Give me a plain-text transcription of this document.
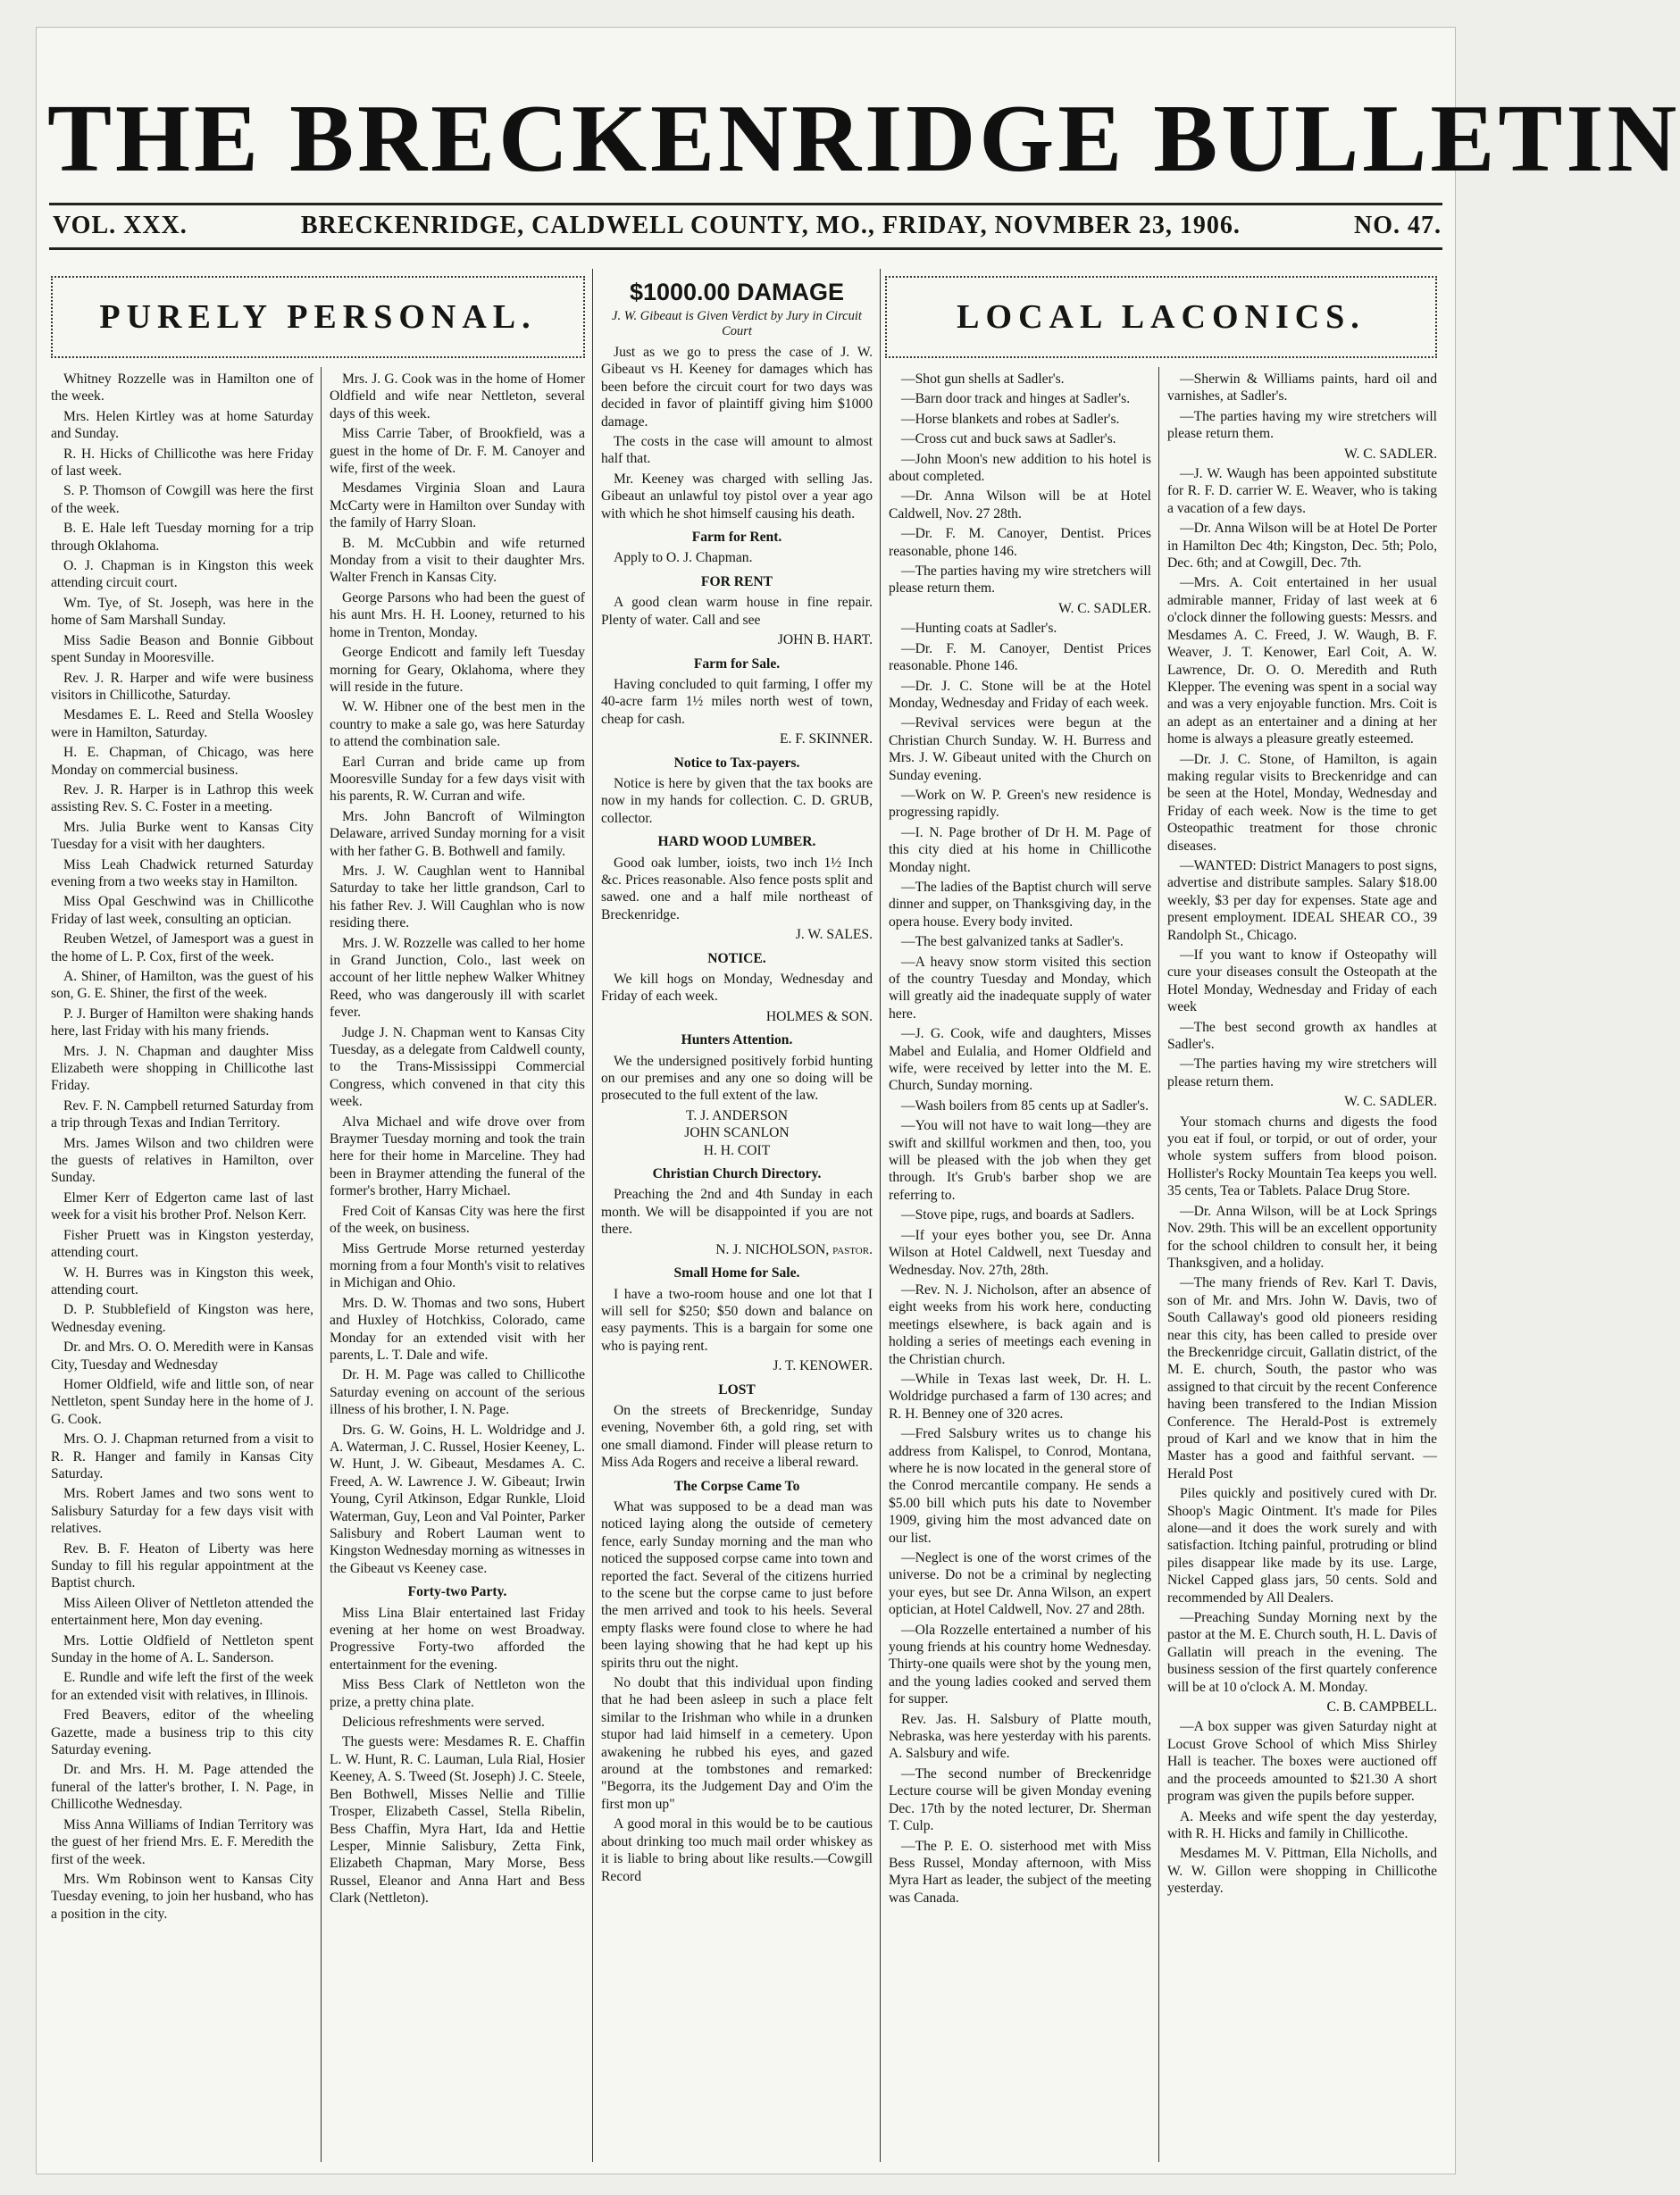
THE BRECKENRIDGE BULLETIN
VOL. XXX.	BRECKENRIDGE, CALDWELL COUNTY, MO., FRIDAY, NOVMBER 23, 1906.	NO. 47.
PURELY PERSONAL.	LOCAL LACONICS.

Whitney Rozzelle was in Hamilton one of the week.

Mrs. Helen Kirtley was at home Saturday and Sunday.

R. H. Hicks of Chillicothe was here Friday of last week.

S. P. Thomson of Cowgill was here the first of the week.

B. E. Hale left Tuesday morning for a trip through Oklahoma.

O. J. Chapman is in Kingston this week attending circuit court.

Wm. Tye, of St. Joseph, was here in the home of Sam Marshall Sunday.

Miss Sadie Beason and Bonnie Gibbout spent Sunday in Mooresville.

Rev. J. R. Harper and wife were business visitors in Chillicothe, Saturday.

Mesdames E. L. Reed and Stella Woosley were in Hamilton, Saturday.

H. E. Chapman, of Chicago, was here Monday on commercial business.

Rev. J. R. Harper is in Lathrop this week assisting Rev. S. C. Foster in a meeting.

Mrs. Julia Burke went to Kansas City Tuesday for a visit with her daughters.

Miss Leah Chadwick returned Saturday evening from a two weeks stay in Hamilton.

Miss Opal Geschwind was in Chillicothe Friday of last week, consulting an optician.

Reuben Wetzel, of Jamesport was a guest in the home of L. P. Cox, first of the week.

A. Shiner, of Hamilton, was the guest of his son, G. E. Shiner, the first of the week.

P. J. Burger of Hamilton were shaking hands here, last Friday with his many friends.

Mrs. J. N. Chapman and daughter Miss Elizabeth were shopping in Chillicothe last Friday.

Rev. F. N. Campbell returned Saturday from a trip through Texas and Indian Territory.

Mrs. James Wilson and two children were the guests of relatives in Hamilton, over Sunday.

Elmer Kerr of Edgerton came last of last week for a visit his brother Prof. Nelson Kerr.

Fisher Pruett was in Kingston yesterday, attending court.

W. H. Burres was in Kingston this week, attending court.

D. P. Stubblefield of Kingston was here, Wednesday evening.

Dr. and Mrs. O. O. Meredith were in Kansas City, Tuesday and Wednesday

Homer Oldfield, wife and little son, of near Nettleton, spent Sunday here in the home of J. G. Cook.

Mrs. O. J. Chapman returned from a visit to R. R. Hanger and family in Kansas City Saturday.

Mrs. Robert James and two sons went to Salisbury Saturday for a few days visit with relatives.

Rev. B. F. Heaton of Liberty was here Sunday to fill his regular appointment at the Baptist church.

Miss Aileen Oliver of Nettleton attended the entertainment here, Mon day evening.

Mrs. Lottie Oldfield of Nettleton spent Sunday in the home of A. L. Sanderson.

E. Rundle and wife left the first of the week for an extended visit with relatives, in Illinois.

Fred Beavers, editor of the wheeling Gazette, made a business trip to this city Saturday evening.

Dr. and Mrs. H. M. Page attended the funeral of the latter's brother, I. N. Page, in Chillicothe Wednesday.

Miss Anna Williams of Indian Territory was the guest of her friend Mrs. E. F. Meredith the first of the week.

Mrs. Wm Robinson went to Kansas City Tuesday evening, to join her husband, who has a position in the city.

Mrs. J. G. Cook was in the home of Homer Oldfield and wife near Nettleton, several days of this week.

Miss Carrie Taber, of Brookfield, was a guest in the home of Dr. F. M. Canoyer and wife, first of the week.

Mesdames Virginia Sloan and Laura McCarty were in Hamilton over Sunday with the family of Harry Sloan.

B. M. McCubbin and wife returned Monday from a visit to their daughter Mrs. Walter French in Kansas City.

George Parsons who had been the guest of his aunt Mrs. H. H. Looney, returned to his home in Trenton, Monday.

George Endicott and family left Tuesday morning for Geary, Oklahoma, where they will reside in the future.

W. W. Hibner one of the best men in the country to make a sale go, was here Saturday to attend the combination sale.

Earl Curran and bride came up from Mooresville Sunday for a few days visit with his parents, R. W. Curran and wife.

Mrs. John Bancroft of Wilmington Delaware, arrived Sunday morning for a visit with her father G. B. Bothwell and family.

Mrs. J. W. Caughlan went to Hannibal Saturday to take her little grandson, Carl to his father Rev. J. Will Caughlan who is now residing there.

Mrs. J. W. Rozzelle was called to her home in Grand Junction, Colo., last week on account of her little nephew Walker Whitney Reed, who was dangerously ill with scarlet fever.

Judge J. N. Chapman went to Kansas City Tuesday, as a delegate from Caldwell county, to the Trans-Mississippi Commercial Congress, which convened in that city this week.

Alva Michael and wife drove over from Braymer Tuesday morning and took the train here for their home in Marceline. They had been in Braymer attending the funeral of the former's brother, Harry Michael.

Fred Coit of Kansas City was here the first of the week, on business.

Miss Gertrude Morse returned yesterday morning from a four Month's visit to relatives in Michigan and Ohio.

Mrs. D. W. Thomas and two sons, Hubert and Huxley of Hotchkiss, Colorado, came Monday for an extended visit with her parents, L. T. Dale and wife.

Dr. H. M. Page was called to Chillicothe Saturday evening on account of the serious illness of his brother, I. N. Page.

Drs. G. W. Goins, H. L. Woldridge and J. A. Waterman, J. C. Russel, Hosier Keeney, L. W. Hunt, J. W. Gibeaut, Mesdames A. C. Freed, A. W. Lawrence J. W. Gibeaut; Irwin Young, Cyril Atkinson, Edgar Runkle, Lloid Waterman, Guy, Leon and Val Pointer, Parker Salisbury and Robert Lauman went to Kingston Wednesday morning as witnesses in the Gibeaut vs Keeney case.

Forty-two Party.

Miss Lina Blair entertained last Friday evening at her home on west Broadway. Progressive Forty-two afforded the entertainment for the evening.

Miss Bess Clark of Nettleton won the prize, a pretty china plate.

Delicious refreshments were served.

The guests were: Mesdames R. E. Chaffin L. W. Hunt, R. C. Lauman, Lula Rial, Hosier Keeney, A. S. Tweed (St. Joseph) J. C. Steele, Ben Bothwell, Misses Nellie and Tillie Trosper, Elizabeth Cassel, Stella Ribelin, Bess Chaffin, Myra Hart, Ida and Hettie Lesper, Minnie Salisbury, Zetta Fink, Elizabeth Chapman, Mary Morse, Bess Russel, Eleanor and Anna Hart and Bess Clark (Nettleton).

$1000.00 DAMAGE
J. W. Gibeaut is Given Verdict by Jury in Circuit Court

Just as we go to press the case of J. W. Gibeaut vs H. Keeney for damages which has been before the circuit court for two days was decided in favor of plaintiff giving him $1000 damage.

The costs in the case will amount to almost half that.

Mr. Keeney was charged with selling Jas. Gibeaut an unlawful toy pistol over a year ago with which he shot himself causing his death.

Farm for Rent.

Apply to O. J. Chapman.

FOR RENT

A good clean warm house in fine repair. Plenty of water. Call and see

JOHN B. HART.

Farm for Sale.

Having concluded to quit farming, I offer my 40-acre farm 1½ miles north west of town, cheap for cash.

E. F. SKINNER.

Notice to Tax-payers.

Notice is here by given that the tax books are now in my hands for collection. C. D. GRUB, collector.

HARD WOOD LUMBER.

Good oak lumber, ioists, two inch 1½ Inch &c. Prices reasonable. Also fence posts split and sawed. one and a half mile northeast of Breckenridge.

J. W. SALES.

NOTICE.

We kill hogs on Monday, Wednesday and Friday of each week.

HOLMES & SON.

Hunters Attention.

We the undersigned positively forbid hunting on our premises and any one so doing will be prosecuted to the full extent of the law.

T. J. ANDERSON
JOHN SCANLON
H. H. COIT

Christian Church Directory.

Preaching the 2nd and 4th Sunday in each month. We will be disappointed if you are not there.

N. J. NICHOLSON, pastor.

Small Home for Sale.

I have a two-room house and one lot that I will sell for $250; $50 down and balance on easy payments. This is a bargain for some one who is paying rent.

J. T. KENOWER.

LOST

On the streets of Breckenridge, Sunday evening, November 6th, a gold ring, set with one small diamond. Finder will please return to Miss Ada Rogers and receive a liberal reward.

The Corpse Came To

What was supposed to be a dead man was noticed laying along the outside of cemetery fence, early Sunday morning and the man who noticed the supposed corpse came into town and reported the fact. Several of the citizens hurried to the scene but the corpse came to just before the men arrived and took to his heels. Several empty flasks were found close to where he had been laying showing that he had kept up his spirits thru out the night.

No doubt that this individual upon finding that he had been asleep in such a place felt similar to the Irishman who while in a drunken stupor had laid himself in a cemetery. Upon awakening he rubbed his eyes, and gazed around at the tombstones and remarked: "Begorra, its the Judgement Day and O'im the first mon up"

A good moral in this would be to be cautious about drinking too much mail order whiskey as it is liable to bring about like results.—Cowgill Record

—Shot gun shells at Sadler's.

—Barn door track and hinges at Sadler's.

—Horse blankets and robes at Sadler's.

—Cross cut and buck saws at Sadler's.

—John Moon's new addition to his hotel is about completed.

—Dr. Anna Wilson will be at Hotel Caldwell, Nov. 27 28th.

—Dr. F. M. Canoyer, Dentist. Prices reasonable, phone 146.

—The parties having my wire stretchers will please return them.

W. C. SADLER.

—Hunting coats at Sadler's.

—Dr. F. M. Canoyer, Dentist Prices reasonable. Phone 146.

—Dr. J. C. Stone will be at the Hotel Monday, Wednesday and Friday of each week.

—Revival services were begun at the Christian Church Sunday. W. H. Burress and Mrs. J. W. Gibeaut united with the Church on Sunday evening.

—Work on W. P. Green's new residence is progressing rapidly.

—I. N. Page brother of Dr H. M. Page of this city died at his home in Chillicothe Monday night.

—The ladies of the Baptist church will serve dinner and supper, on Thanksgiving day, in the opera house. Every body invited.

—The best galvanized tanks at Sadler's.

—A heavy snow storm visited this section of the country Tuesday and Monday, which will greatly aid the inadequate supply of water here.

—J. G. Cook, wife and daughters, Misses Mabel and Eulalia, and Homer Oldfield and wife, were received by letter into the M. E. Church, Sunday morning.

—Wash boilers from 85 cents up at Sadler's.

—You will not have to wait long—they are swift and skillful workmen and then, too, you will be pleased with the job when they get through. It's Grub's barber shop we are referring to.

—Stove pipe, rugs, and boards at Sadlers.

—If your eyes bother you, see Dr. Anna Wilson at Hotel Caldwell, next Tuesday and Wednesday. Nov. 27th, 28th.

—Rev. N. J. Nicholson, after an absence of eight weeks from his work here, conducting meetings elsewhere, is back again and is holding a series of meetings each evening in the Christian church.

—While in Texas last week, Dr. H. L. Woldridge purchased a farm of 130 acres; and R. H. Benney one of 320 acres.

—Fred Salsbury writes us to change his address from Kalispel, to Conrod, Montana, where he is now located in the general store of the Conrod mercantile company. He sends a $5.00 bill which puts his date to November 1909, giving him the most advanced date on our list.

—Neglect is one of the worst crimes of the universe. Do not be a criminal by neglecting your eyes, but see Dr. Anna Wilson, an expert optician, at Hotel Caldwell, Nov. 27 and 28th.

—Ola Rozzelle entertained a number of his young friends at his country home Wednesday. Thirty-one quails were shot by the young men, and the young ladies cooked and served them for supper.

Rev. Jas. H. Salsbury of Platte mouth, Nebraska, was here yesterday with his parents. A. Salsbury and wife.

—The second number of Breckenridge Lecture course will be given Monday evening Dec. 17th by the noted lecturer, Dr. Sherman T. Culp.

—The P. E. O. sisterhood met with Miss Bess Russel, Monday afternoon, with Miss Myra Hart as leader, the subject of the meeting was Canada.

—Sherwin & Williams paints, hard oil and varnishes, at Sadler's.

—The parties having my wire stretchers will please return them.

W. C. SADLER.

—J. W. Waugh has been appointed substitute for R. F. D. carrier W. E. Weaver, who is taking a vacation of a few days.

—Dr. Anna Wilson will be at Hotel De Porter in Hamilton Dec 4th; Kingston, Dec. 5th; Polo, Dec. 6th; and at Cowgill, Dec. 7th.

—Mrs. A. Coit entertained in her usual admirable manner, Friday of last week at 6 o'clock dinner the following guests: Messrs. and Mesdames A. C. Freed, J. W. Waugh, B. F. Weaver, J. T. Kenower, Earl Coit, A. W. Lawrence, Dr. O. O. Meredith and Ruth Klepper. The evening was spent in a social way and was a very enjoyable function. Mrs. Coit is an adept as an entertainer and a dining at her home is always a pleasure greatly esteemed.

—Dr. J. C. Stone, of Hamilton, is again making regular visits to Breckenridge and can be seen at the Hotel, Monday, Wednesday and Friday of each week. Now is the time to get Osteopathic treatment for those chronic diseases.

—WANTED: District Managers to post signs, advertise and distribute samples. Salary $18.00 weekly, $3 per day for expenses. State age and present employment. IDEAL SHEAR CO., 39 Randolph St., Chicago.

—If you want to know if Osteopathy will cure your diseases consult the Osteopath at the Hotel Monday, Wednesday and Friday of each week

—The best second growth ax handles at Sadler's.

—The parties having my wire stretchers will please return them.

W. C. SADLER.

Your stomach churns and digests the food you eat if foul, or torpid, or out of order, your whole system suffers from blood poison. Hollister's Rocky Mountain Tea keeps you well. 35 cents, Tea or Tablets. Palace Drug Store.

—Dr. Anna Wilson, will be at Lock Springs Nov. 29th. This will be an excellent opportunity for the school children to consult her, it being Thanksgiven, and a holiday.

—The many friends of Rev. Karl T. Davis, son of Mr. and Mrs. John W. Davis, two of South Callaway's good old pioneers residing near this city, has been called to preside over the Breckenridge circuit, Gallatin district, of the M. E. church, South, the pastor who was assigned to that circuit by the recent Conference having been transfered to the Indian Mission Conference. The Herald-Post is extremely proud of Karl and we know that in him the Master has a good and faithful servant. —Herald Post

Piles quickly and positively cured with Dr. Shoop's Magic Ointment. It's made for Piles alone—and it does the work surely and with satisfaction. Itching painful, protruding or blind piles disappear like made by its use. Large, Nickel Capped glass jars, 50 cents. Sold and recommended by All Dealers.

—Preaching Sunday Morning next by the pastor at the M. E. Church south, H. L. Davis of Gallatin will preach in the evening. The business session of the first quartely conference will be at 10 o'clock A. M. Monday.

C. B. CAMPBELL.

—A box supper was given Saturday night at Locust Grove School of which Miss Shirley Hall is teacher. The boxes were auctioned off and the proceeds amounted to $21.30 A short program was given the pupils before supper.

A. Meeks and wife spent the day yesterday, with R. H. Hicks and family in Chillicothe.

Mesdames M. V. Pittman, Ella Nicholls, and W. W. Gillon were shopping in Chillicothe yesterday.
